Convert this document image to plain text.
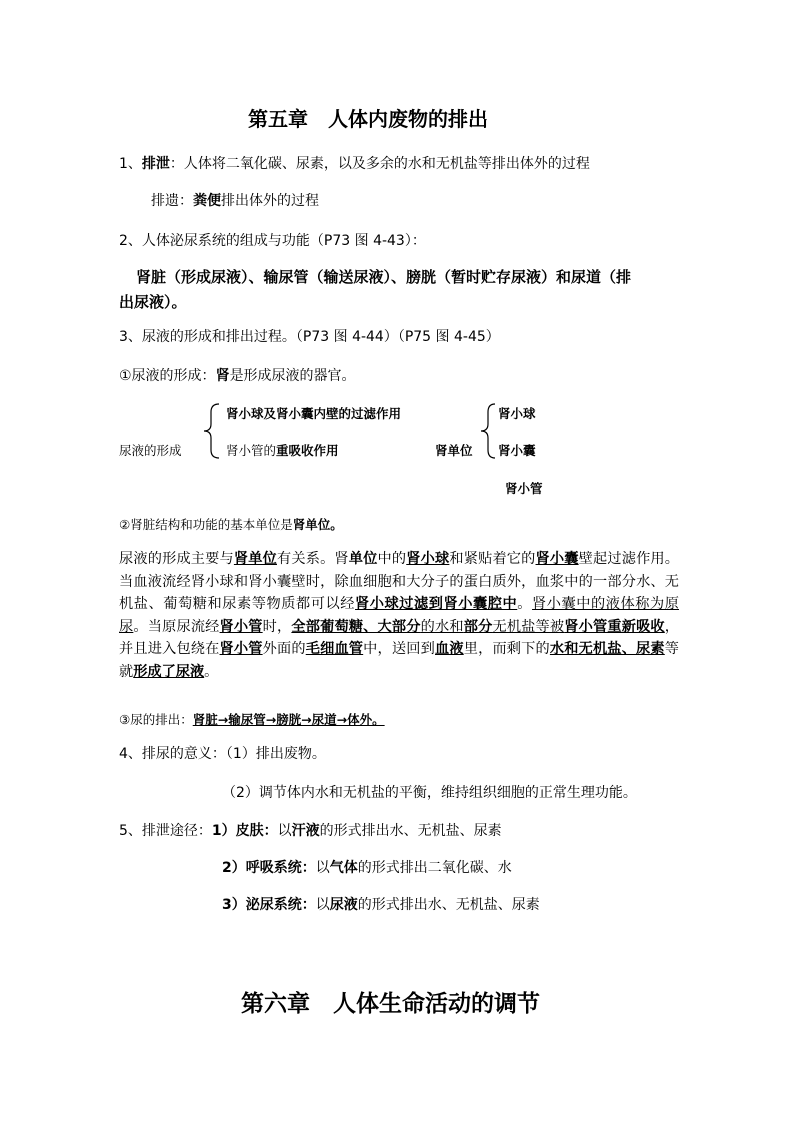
第五章　人体内废物的排出
1、排泄：人体将二氧化碳、尿素，以及多余的水和无机盐等排出体外的过程
排遗：粪便排出体外的过程
2、人体泌尿系统的组成与功能（P73 图 4-43）：
肾脏（形成尿液）、输尿管（输送尿液）、膀胱（暂时贮存尿液）和尿道（排
出尿液）。
3、尿液的形成和排出过程。（P73 图 4-44）（P75 图 4-45）
①尿液的形成：肾是形成尿液的器官。
尿液的形成
肾小球及肾小囊内壁的过滤作用
肾小管的重吸收作用	肾单位
肾小球
肾小囊
肾小管
②肾脏结构和功能的基本单位是肾单位。
尿液的形成主要与肾单位有关系。肾单位中的肾小球和紧贴着它的肾小囊壁起过滤作用。当血液流经肾小球和肾小囊壁时，除血细胞和大分子的蛋白质外，血浆中的一部分水、无机盐、葡萄糖和尿素等物质都可以经肾小球过滤到肾小囊腔中。肾小囊中的液体称为原尿。当原尿流经肾小管时，全部葡萄糖、大部分的水和部分无机盐等被肾小管重新吸收，并且进入包绕在肾小管外面的毛细血管中，送回到血液里，而剩下的水和无机盐、尿素等就形成了尿液。
③尿的排出：肾脏→输尿管→膀胱→尿道→体外。
4、排尿的意义：（1）排出废物。
（2）调节体内水和无机盐的平衡，维持组织细胞的正常生理功能。
5、排泄途径：1）皮肤：以汗液的形式排出水、无机盐、尿素
2）呼吸系统：以气体的形式排出二氧化碳、水
3）泌尿系统：以尿液的形式排出水、无机盐、尿素
第六章　人体生命活动的调节
